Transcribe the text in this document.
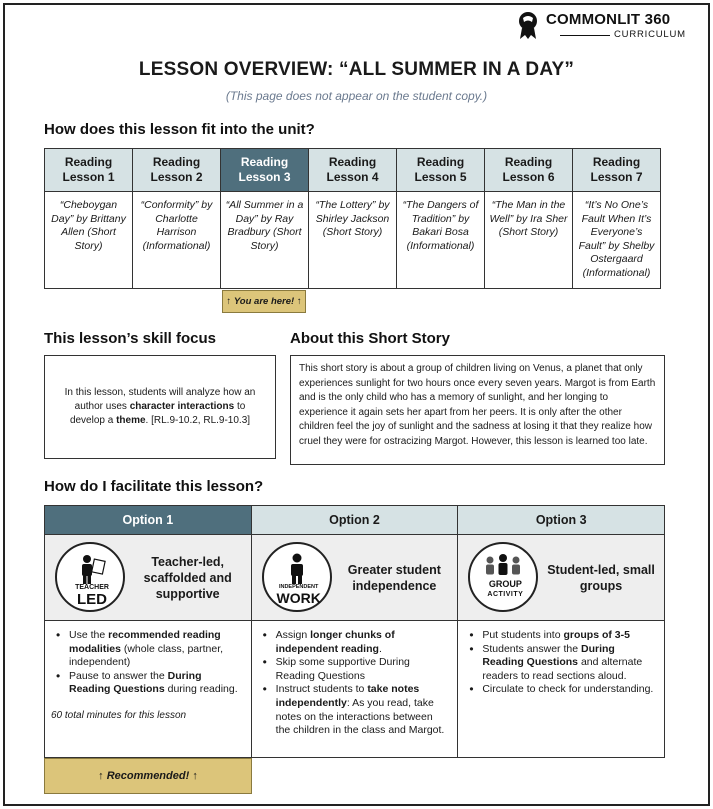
COMMONLIT 360
CURRICULUM
LESSON OVERVIEW: “ALL SUMMER IN A DAY”
(This page does not appear on the student copy.)
How does this lesson fit into the unit?
Reading Lesson 1
“Cheboygan Day” by Brittany Allen (Short Story)
Reading Lesson 2
“Conformity” by Charlotte Harrison (Informational)
Reading Lesson 3
“All Summer in a Day” by Ray Bradbury (Short Story)
Reading Lesson 4
“The Lottery” by Shirley Jackson (Short Story)
Reading Lesson 5
“The Dangers of Tradition” by Bakari Bosa (Informational)
Reading Lesson 6
“The Man in the Well” by Ira Sher (Short Story)
Reading Lesson 7
“It’s No One’s Fault When It’s Everyone’s Fault” by Shelby Ostergaard (Informational)
↑ You are here! ↑
This lesson’s skill focus

In this lesson, students will analyze how an author uses character interactions to develop a theme. [RL.9-10.2, RL.9-10.3]

About this Short Story

This short story is about a group of children living on Venus, a planet that only experiences sunlight for two hours once every seven years. Margot is from Earth and is the only child who has a memory of sunlight, and her longing to experience it again sets her apart from her peers. It is only after the other children feel the joy of sunlight and the sadness at losing it that they realize how cruel they were for ostracizing Margot. However, this lesson is learned too late.

How do I facilitate this lesson?
Option 1
TEACHER
LED
Teacher-led, scaffolded and supportive
• Use the recommended reading modalities (whole class, partner, independent)
• Pause to answer the During Reading Questions during reading.

60 total minutes for this lesson

Option 2
INDEPENDENT
WORK
Greater student independence
• Assign longer chunks of independent reading.
• Skip some supportive During Reading Questions
• Instruct students to take notes independently: As you read, take notes on the interactions between the children in the class and Margot.
Option 3
GROUP
ACTIVITY
Student-led, small groups
• Put students into groups of 3-5
• Students answer the During Reading Questions and alternate readers to read sections aloud.
• Circulate to check for understanding.
↑ Recommended! ↑
